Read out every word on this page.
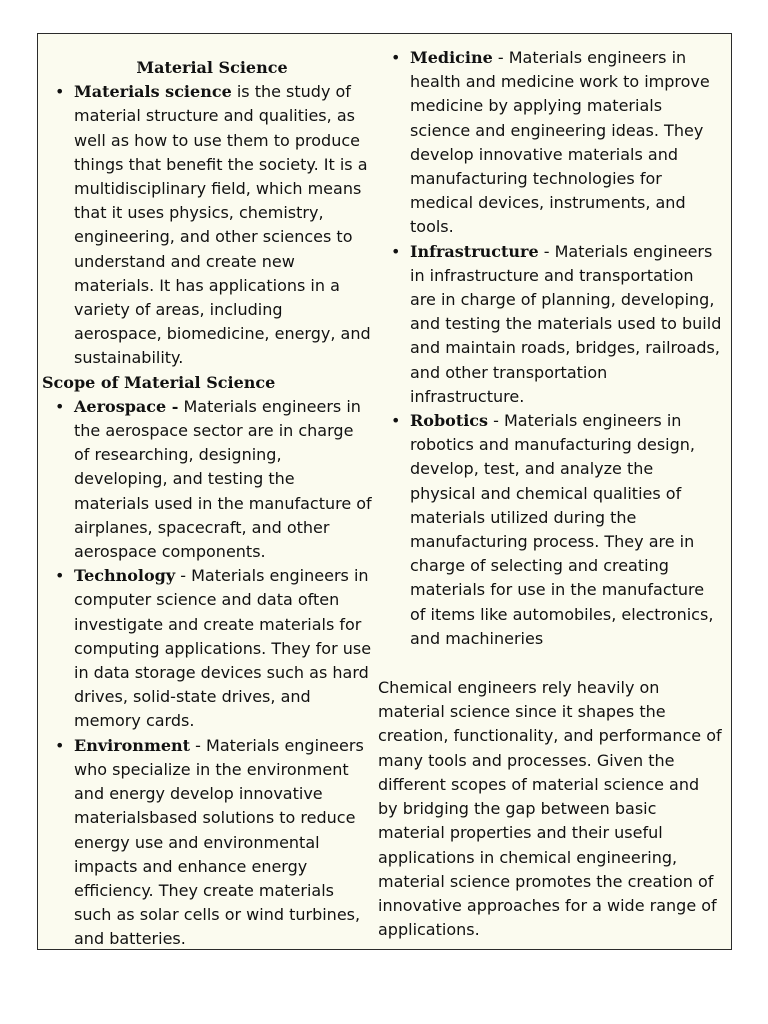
Material Science

• Materials science is the study of material structure and qualities, as well as how to use them to produce things that benefit the society. It is a multidisciplinary field, which means that it uses physics, chemistry, engineering, and other sciences to understand and create new materials. It has applications in a variety of areas, including aerospace, biomedicine, energy, and sustainability.

Scope of Material Science

• Aerospace - Materials engineers in the aerospace sector are in charge of researching, designing, developing, and testing the materials used in the manufacture of airplanes, spacecraft, and other aerospace components.
• Technology - Materials engineers in computer science and data often investigate and create materials for computing applications. They for use in data storage devices such as hard drives, solid-state drives, and memory cards.
• Environment - Materials engineers who specialize in the environment and energy develop innovative materialsbased solutions to reduce energy use and environmental impacts and enhance energy efficiency. They create materials such as solar cells or wind turbines, and batteries.
• Medicine - Materials engineers in health and medicine work to improve medicine by applying materials science and engineering ideas. They develop innovative materials and manufacturing technologies for medical devices, instruments, and tools.
• Infrastructure - Materials engineers in infrastructure and transportation are in charge of planning, developing, and testing the materials used to build and maintain roads, bridges, railroads, and other transportation infrastructure.
• Robotics - Materials engineers in robotics and manufacturing design, develop, test, and analyze the physical and chemical qualities of materials utilized during the manufacturing process. They are in charge of selecting and creating materials for use in the manufacture of items like automobiles, electronics, and machineries

Chemical engineers rely heavily on material science since it shapes the creation, functionality, and performance of many tools and processes. Given the different scopes of material science and by bridging the gap between basic material properties and their useful applications in chemical engineering, material science promotes the creation of innovative approaches for a wide range of applications.
